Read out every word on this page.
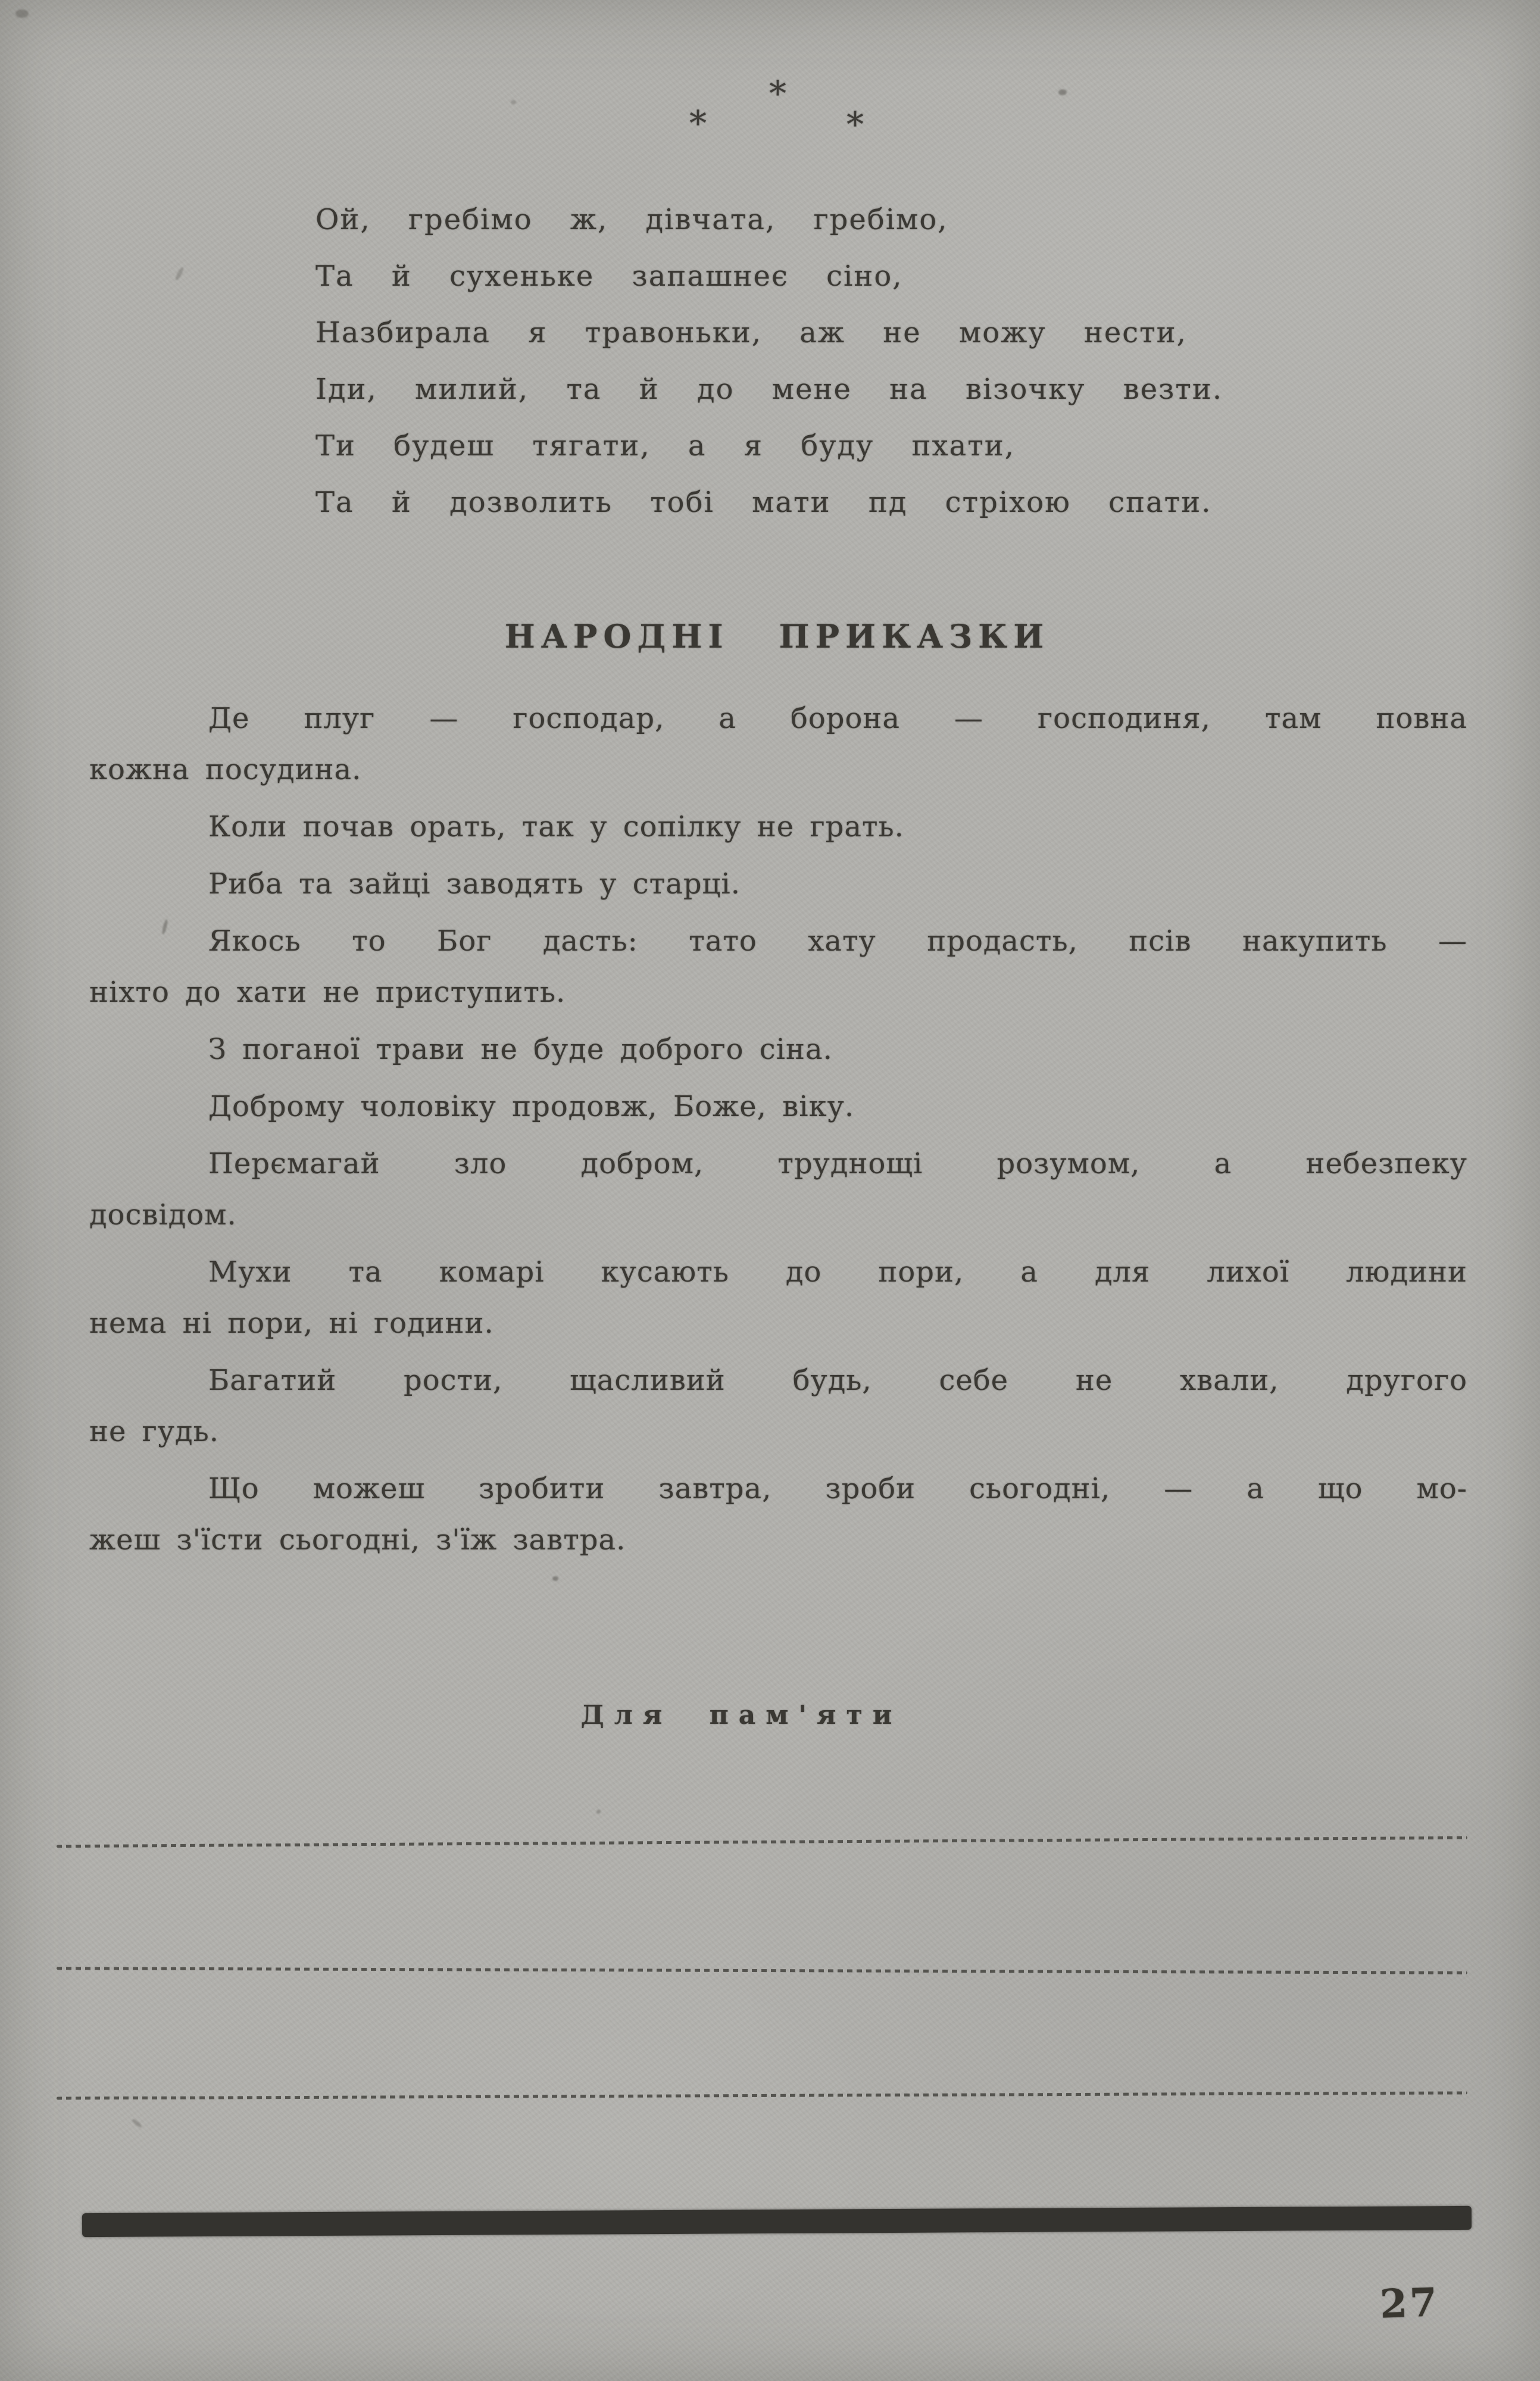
*
*	*
Ой, гребімо ж, дівчата, гребімо,
Та й сухеньке запашнеє сіно,
Назбирала я травоньки, аж не можу нести,
Іди, милий, та й до мене на візочку везти.
Ти будеш тягати, а я буду пхати,
Та й дозволить тобі мати пд стріхою спати.
НАРОДНІ ПРИКАЗКИ
Де плуг — господар, а борона — господиня, там повна
кожна посудина.
Коли почав орать, так у сопілку не грать.
Риба та зайці заводять у старці.
Якось то Бог дасть: тато хату продасть, псів накупить —
ніхто до хати не приступить.
З поганої трави не буде доброго сіна.
Доброму чоловіку продовж, Боже, віку.
Перємагай зло добром, труднощі розумом, а небезпеку
досвідом.
Мухи та комарі кусають до пори, а для лихої людини
нема ні пори, ні години.
Багатий рости, щасливий будь, себе не хвали, другого
не гудь.
Що можеш зробити завтра, зроби сьогодні, — а що мо-
жеш з'їсти сьогодні, з'їж завтра.
Для пам'яти
27
